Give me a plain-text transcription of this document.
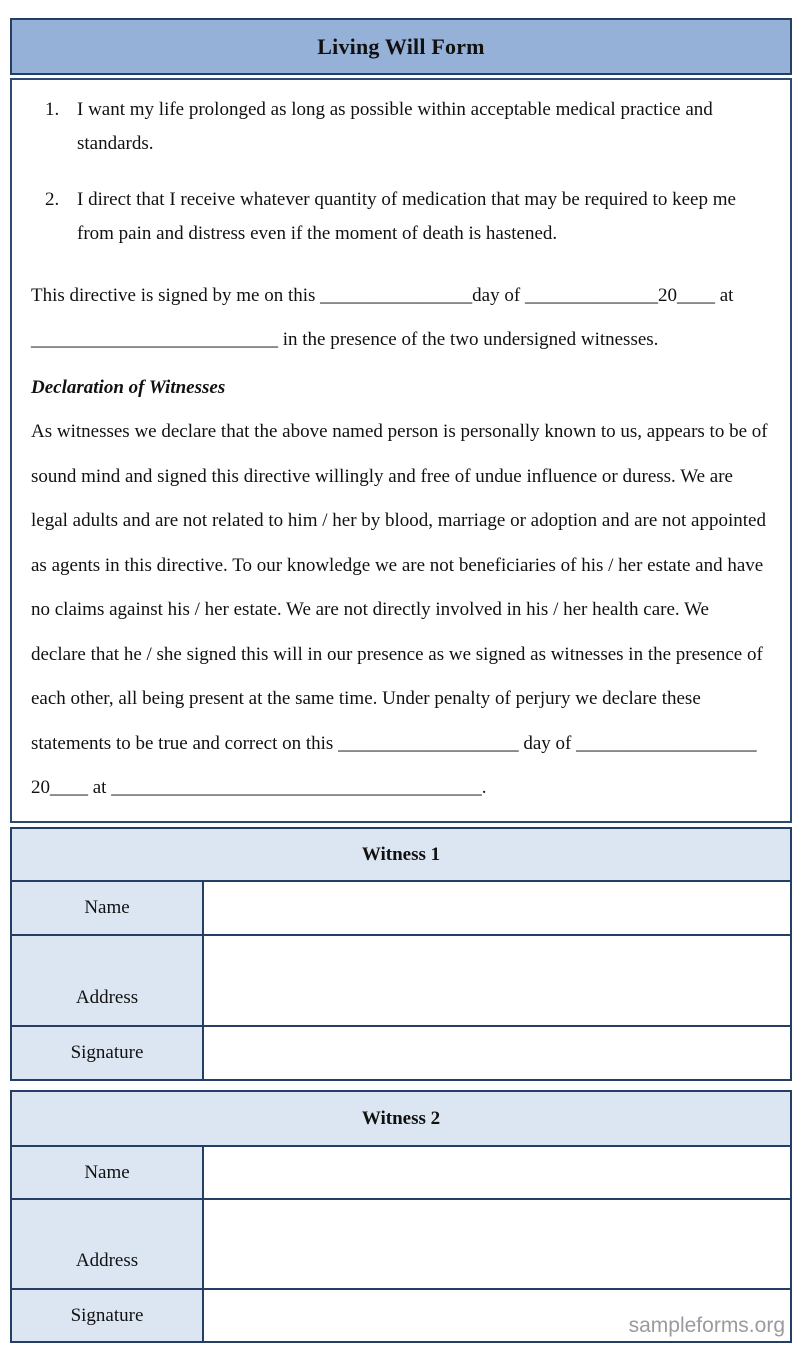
Living Will Form
1. I want my life prolonged as long as possible within acceptable medical practice and
standards.
2. I direct that I receive whatever quantity of medication that may be required to keep me
from pain and distress even if the moment of death is hastened.
This directive is signed by me on this ________________day of ______________20____ at
__________________________ in the presence of the two undersigned witnesses.
Declaration of Witnesses
As witnesses we declare that the above named person is personally known to us, appears to be of
sound mind and signed this directive willingly and free of undue influence or duress. We are
legal adults and are not related to him / her by blood, marriage or adoption and are not appointed
as agents in this directive. To our knowledge we are not beneficiaries of his / her estate and have
no claims against his / her estate. We are not directly involved in his / her health care. We
declare that he / she signed this will in our presence as we signed as witnesses in the presence of
each other, all being present at the same time. Under penalty of perjury we declare these
statements to be true and correct on this ___________________ day of ___________________
20____ at _______________________________________.
Witness 1
Name
Address
Signature
Witness 2
Name
Address
Signature	sampleforms.org
